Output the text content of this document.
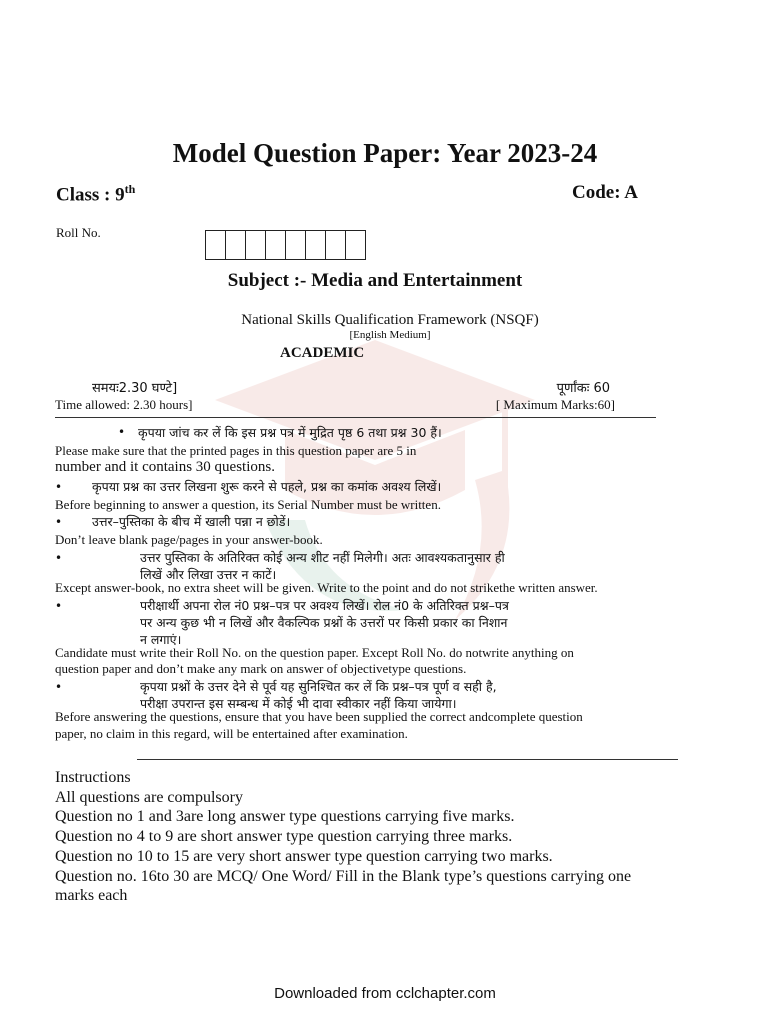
Model Question Paper: Year 2023-24
Class : 9th	Code: A
Roll No.
Subject :- Media and Entertainment
National Skills Qualification Framework (NSQF)
[English Medium]
ACADEMIC
समयः2.30 घण्टे]	पूर्णांकः 60
Time allowed: 2.30 hours]	[ Maximum Marks:60]
• कृपया जांच कर लें कि इस प्रश्न पत्र में मुद्रित पृष्ठ 6 तथा प्रश्न 30 हैं।
Please make sure that the printed pages in this question paper are 5 in
number and it contains 30 questions.
• कृपया प्रश्न का उत्तर लिखना शुरू करने से पहले, प्रश्न का कमांक अवश्य लिखें।
Before beginning to answer a question, its Serial Number must be written.
• उत्तर–पुस्तिका के बीच में खाली पन्ना न छोडें।
Don’t leave blank page/pages in your answer-book.
•	उत्तर पुस्तिका के अतिरिक्त कोई अन्य शीट नहीं मिलेगी। अतः आवश्यकतानुसार ही
लिखें और लिखा उत्तर न काटें।
Except answer-book, no extra sheet will be given. Write to the point and do not strikethe written answer.
•	परीक्षार्थी अपना रोल नं0 प्रश्न–पत्र पर अवश्य लिखें। रोल नं0 के अतिरिक्त प्रश्न–पत्र
पर अन्य कुछ भी न लिखें और वैकल्पिक प्रश्नों के उत्तरों पर किसी प्रकार का निशान
न लगाएं।
Candidate must write their Roll No. on the question paper. Except Roll No. do notwrite anything on
question paper and don’t make any mark on answer of objectivetype questions.
•	कृपया प्रश्नों के उत्तर देने से पूर्व यह सुनिश्चित कर लें कि प्रश्न–पत्र पूर्ण व सही है,
परीक्षा उपरान्त इस सम्बन्ध में कोई भी दावा स्वीकार नहीं किया जायेगा।
Before answering the questions, ensure that you have been supplied the correct andcomplete question
paper, no claim in this regard, will be entertained after examination.
Instructions
All questions are compulsory
Question no 1 and 3are long answer type questions carrying five marks.
Question no 4 to 9 are short answer type question carrying three marks.
Question no 10 to 15 are very short answer type question carrying two marks.
Question no. 16to 30 are MCQ/ One Word/ Fill in the Blank type’s questions carrying one
marks each
Downloaded from cclchapter.com
